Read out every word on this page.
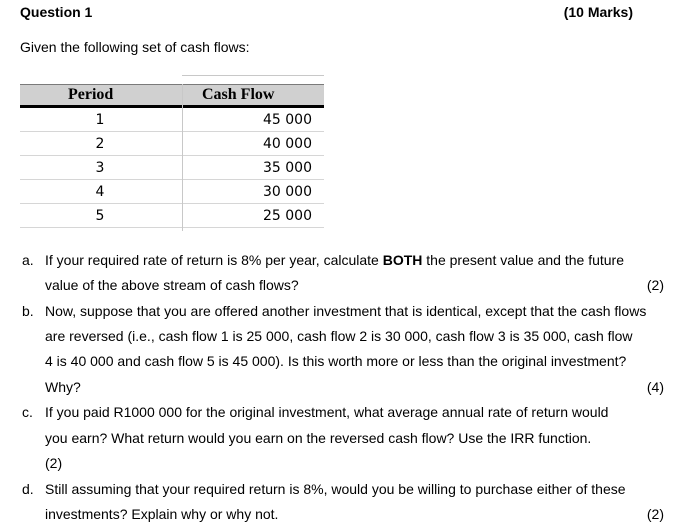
Question 1	(10 Marks)
Given the following set of cash flows:
Period	Cash Flow
1	45 000
2	40 000
3	35 000
4	30 000
5	25 000
a. If your required rate of return is 8% per year, calculate BOTH the present value and the future
value of the above stream of cash flows?	(2)
b. Now, suppose that you are offered another investment that is identical, except that the cash flows
are reversed (i.e., cash flow 1 is 25 000, cash flow 2 is 30 000, cash flow 3 is 35 000, cash flow
4 is 40 000 and cash flow 5 is 45 000). Is this worth more or less than the original investment?
Why?	(4)
c. If you paid R1000 000 for the original investment, what average annual rate of return would
you earn? What return would you earn on the reversed cash flow? Use the IRR function.
(2)
d. Still assuming that your required return is 8%, would you be willing to purchase either of these
investments? Explain why or why not.	(2)
